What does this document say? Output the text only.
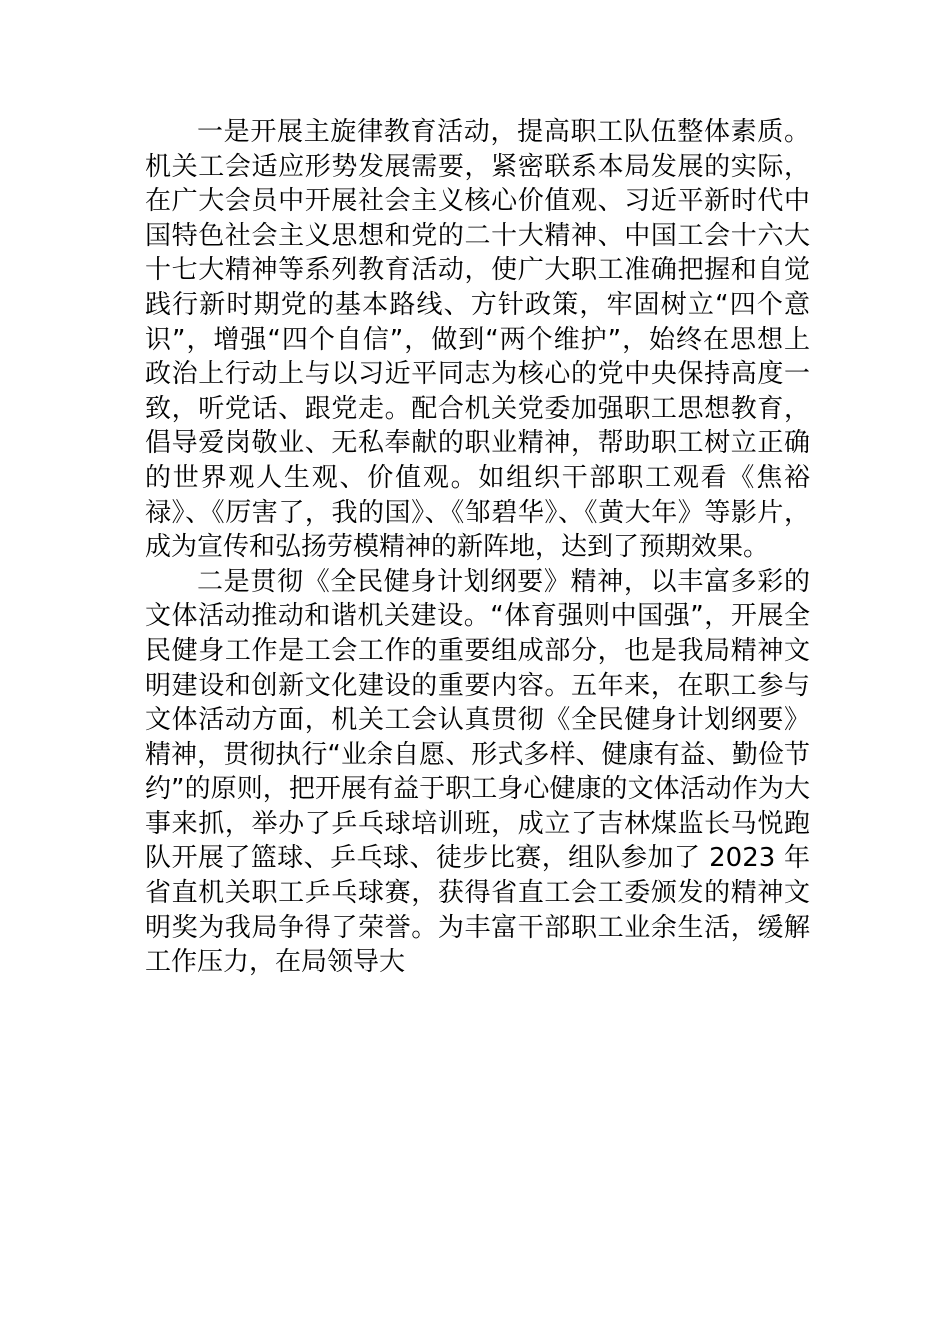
一是开展主旋律教育活动，提高职工队伍整体素质。机关工会适应形势发展需要，紧密联系本局发展的实际，在广大会员中开展社会主义核心价值观、习近平新时代中国特色社会主义思想和党的二十大精神、中国工会十六大十七大精神等系列教育活动，使广大职工准确把握和自觉践行新时期党的基本路线、方针政策，牢固树立“四个意识”，增强“四个自信”，做到“两个维护”，始终在思想上政治上行动上与以习近平同志为核心的党中央保持高度一致，听党话、跟党走。配合机关党委加强职工思想教育，倡导爱岗敬业、无私奉献的职业精神，帮助职工树立正确的世界观人生观、价值观。如组织干部职工观看《焦裕禄》、《厉害了，我的国》、《邹碧华》、《黄大年》等影片，成为宣传和弘扬劳模精神的新阵地，达到了预期效果。

二是贯彻《全民健身计划纲要》精神，以丰富多彩的文体活动推动和谐机关建设。“体育强则中国强”，开展全民健身工作是工会工作的重要组成部分，也是我局精神文明建设和创新文化建设的重要内容。五年来，在职工参与文体活动方面，机关工会认真贯彻《全民健身计划纲要》精神，贯彻执行“业余自愿、形式多样、健康有益、勤俭节约”的原则，把开展有益于职工身心健康的文体活动作为大事来抓，举办了乒乓球培训班，成立了吉林煤监长马悦跑队开展了篮球、乒乓球、徒步比赛，组队参加了 2023 年省直机关职工乒乓球赛，获得省直工会工委颁发的精神文明奖为我局争得了荣誉。为丰富干部职工业余生活，缓解工作压力，在局领导大
